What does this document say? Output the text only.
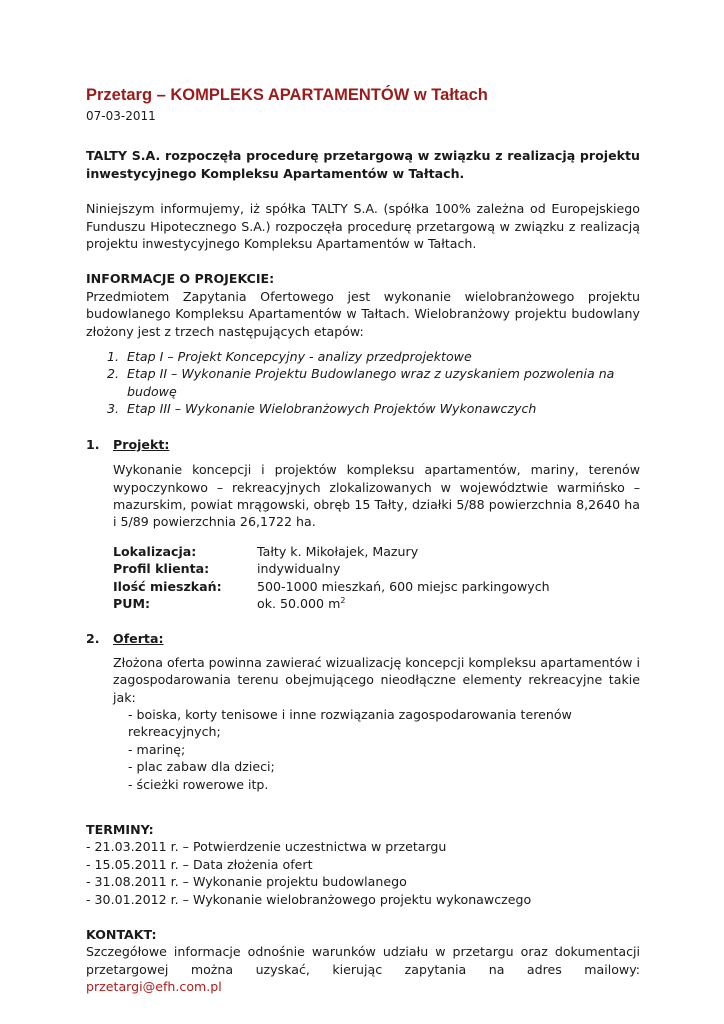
Przetarg – KOMPLEKS APARTAMENTÓW w Tałtach

07-03-2011

TALTY S.A. rozpoczęła procedurę przetargową w związku z realizacją projektu inwestycyjnego Kompleksu Apartamentów w Tałtach.

Niniejszym informujemy, iż spółka TALTY S.A. (spółka 100% zależna od Europejskiego Funduszu Hipotecznego S.A.) rozpoczęła procedurę przetargową w związku z realizacją projektu inwestycyjnego Kompleksu Apartamentów w Tałtach.

INFORMACJE O PROJEKCIE:

Przedmiotem Zapytania Ofertowego jest wykonanie wielobranżowego projektu budowlanego Kompleksu Apartamentów w Tałtach. Wielobranżowy projektu budowlany złożony jest z trzech następujących etapów:

1. Etap I – Projekt Koncepcyjny - analizy przedprojektowe
2. Etap II – Wykonanie Projektu Budowlanego wraz z uzyskaniem pozwolenia na budowę
3. Etap III – Wykonanie Wielobranżowych Projektów Wykonawczych
1. Projekt:

Wykonanie koncepcji i projektów kompleksu apartamentów, mariny, terenów wypoczynkowo – rekreacyjnych zlokalizowanych w województwie warmińsko – mazurskim, powiat mrągowski, obręb 15 Tałty, działki 5/88 powierzchnia 8,2640 ha i 5/89 powierzchnia 26,1722 ha.

Lokalizacja:	Tałty k. Mikołajek, Mazury
Profil klienta:	indywidualny
Ilość mieszkań:	500-1000 mieszkań, 600 miejsc parkingowych
PUM:	ok. 50.000 $m^2$
2. Oferta:

Złożona oferta powinna zawierać wizualizację koncepcji kompleksu apartamentów i zagospodarowania terenu obejmującego nieodłączne elementy rekreacyjne takie jak:

- boiska, korty tenisowe i inne rozwiązania zagospodarowania terenów rekreacyjnych;
- marinę;
- plac zabaw dla dzieci;
- ścieżki rowerowe itp.

TERMINY:

- 21.03.2011 r. – Potwierdzenie uczestnictwa w przetargu

- 15.05.2011 r. – Data złożenia ofert

- 31.08.2011 r. – Wykonanie projektu budowlanego

- 30.01.2012 r. – Wykonanie wielobranżowego projektu wykonawczego

KONTAKT:

Szczegółowe informacje odnośnie warunków udziału w przetargu oraz dokumentacji przetargowej można uzyskać, kierując zapytania na adres mailowy: przetargi@efh.com.pl
